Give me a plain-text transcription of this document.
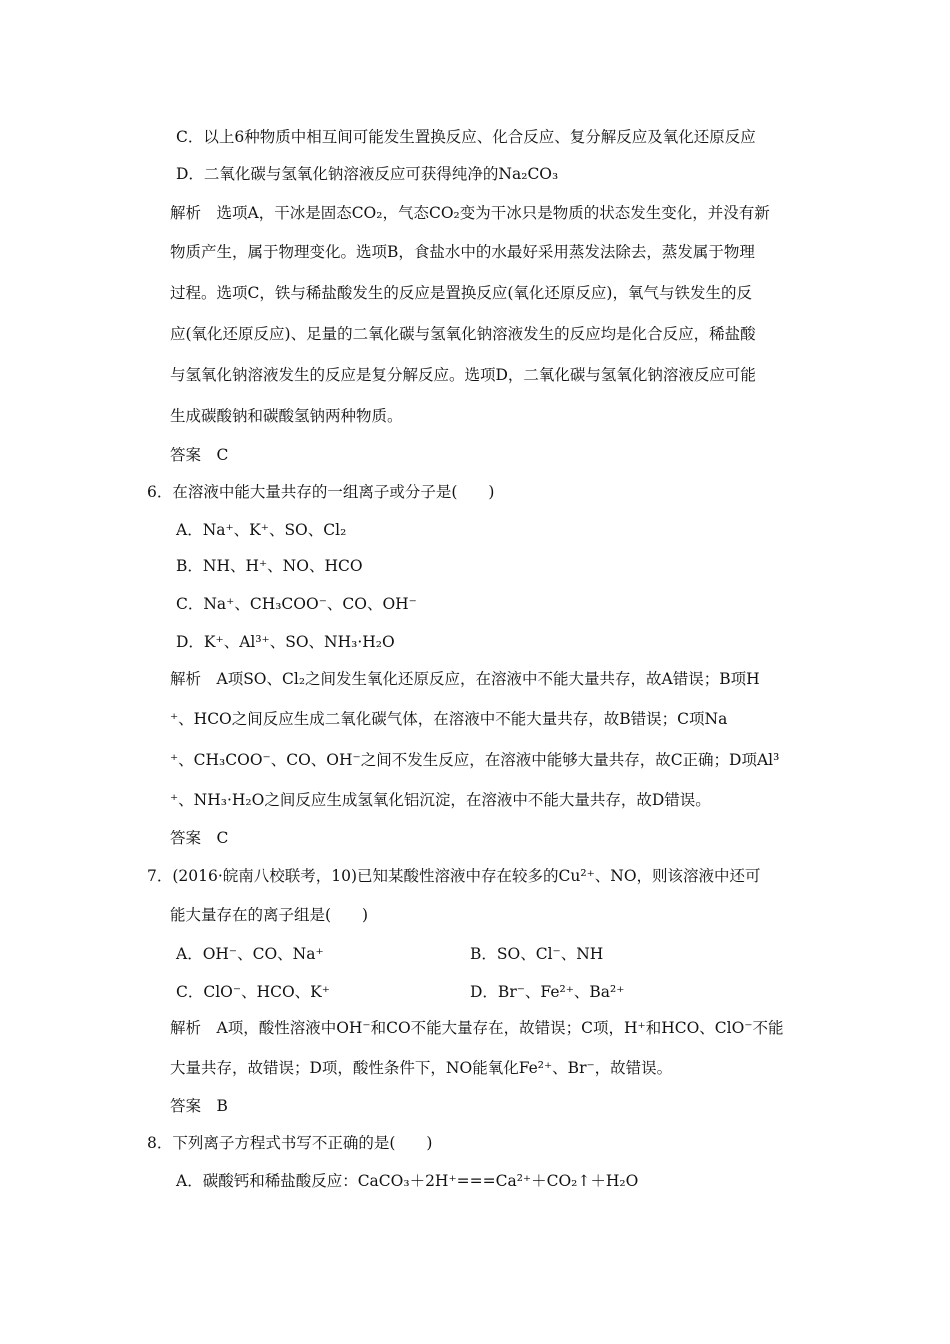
C．以上6种物质中相互间可能发生置换反应、化合反应、复分解反应及氧化还原反应
D．二氧化碳与氢氧化钠溶液反应可获得纯净的Na₂CO₃
解析　选项A，干冰是固态CO₂，气态CO₂变为干冰只是物质的状态发生变化，并没有新
物质产生，属于物理变化。选项B，食盐水中的水最好采用蒸发法除去，蒸发属于物理
过程。选项C，铁与稀盐酸发生的反应是置换反应(氧化还原反应)，氧气与铁发生的反
应(氧化还原反应)、足量的二氧化碳与氢氧化钠溶液发生的反应均是化合反应，稀盐酸
与氢氧化钠溶液发生的反应是复分解反应。选项D，二氧化碳与氢氧化钠溶液反应可能
生成碳酸钠和碳酸氢钠两种物质。
答案　C
6．在溶液中能大量共存的一组离子或分子是(　　)
A．Na⁺、K⁺、SO、Cl₂
B．NH、H⁺、NO、HCO
C．Na⁺、CH₃COO⁻、CO、OH⁻
D．K⁺、Al³⁺、SO、NH₃·H₂O
解析　A项SO、Cl₂之间发生氧化还原反应，在溶液中不能大量共存，故A错误；B项H
⁺、HCO之间反应生成二氧化碳气体，在溶液中不能大量共存，故B错误；C项Na
⁺、CH₃COO⁻、CO、OH⁻之间不发生反应，在溶液中能够大量共存，故C正确；D项Al³
⁺、NH₃·H₂O之间反应生成氢氧化铝沉淀，在溶液中不能大量共存，故D错误。
答案　C
7．(2016·皖南八校联考，10)已知某酸性溶液中存在较多的Cu²⁺、NO，则该溶液中还可
能大量存在的离子组是(　　)
A．OH⁻、CO、Na⁺	B．SO、Cl⁻、NH
C．ClO⁻、HCO、K⁺	D．Br⁻、Fe²⁺、Ba²⁺
解析　A项，酸性溶液中OH⁻和CO不能大量存在，故错误；C项，H⁺和HCO、ClO⁻不能
大量共存，故错误；D项，酸性条件下，NO能氧化Fe²⁺、Br⁻，故错误。
答案　B
8．下列离子方程式书写不正确的是(　　)
A．碳酸钙和稀盐酸反应：CaCO₃＋2H⁺===Ca²⁺＋CO₂↑＋H₂O
